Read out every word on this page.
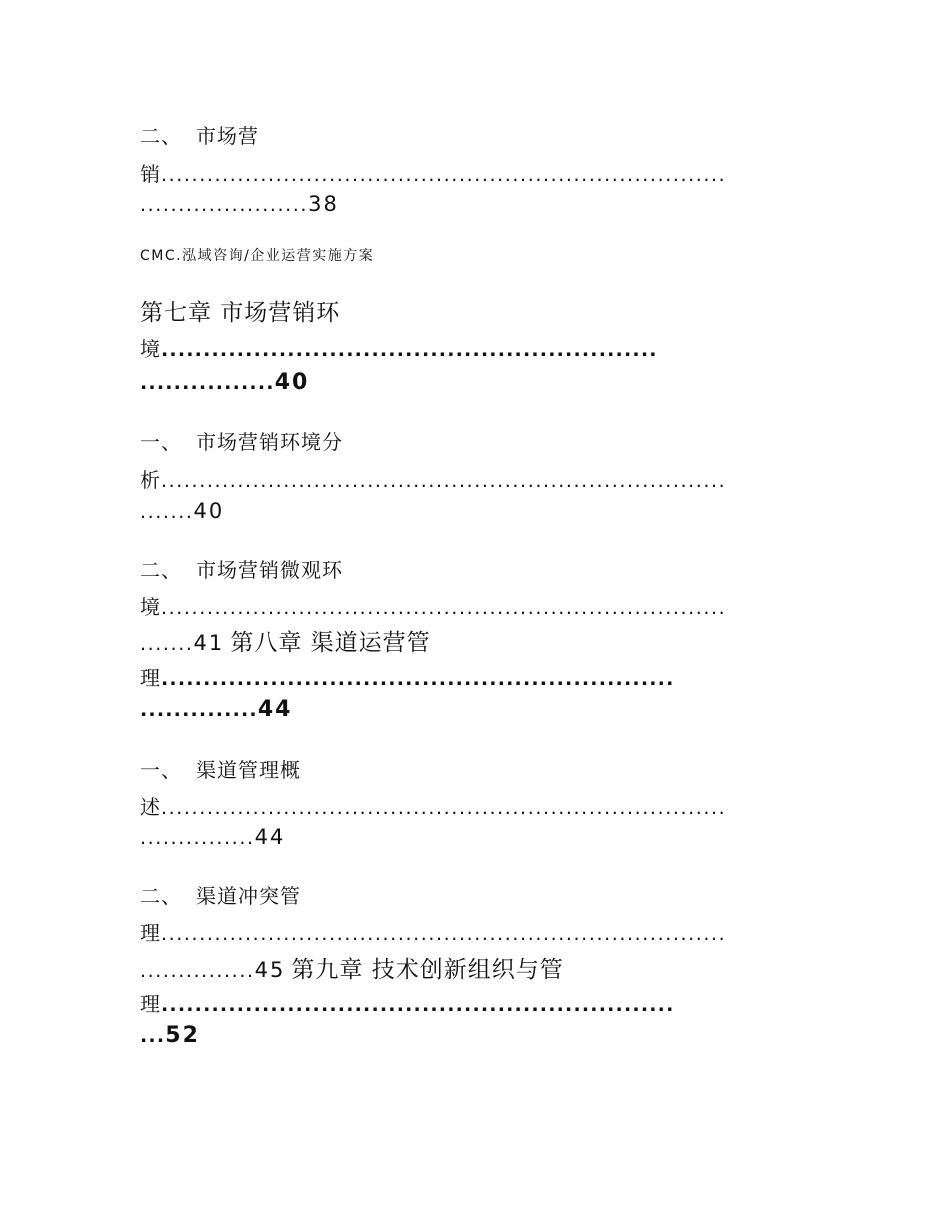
二、 市场营
销..........................................................................
......................38
CMC.泓域咨询/企业运营实施方案
第七章 市场营销环
境...........................................................
................40
一、 市场营销环境分
析..........................................................................
.......40
二、 市场营销微观环
境..........................................................................
.......41 第八章 渠道运营管
理.............................................................
..............44
一、 渠道管理概
述..........................................................................
...............44
二、 渠道冲突管
理..........................................................................
...............45 第九章 技术创新组织与管
理.............................................................
...52
